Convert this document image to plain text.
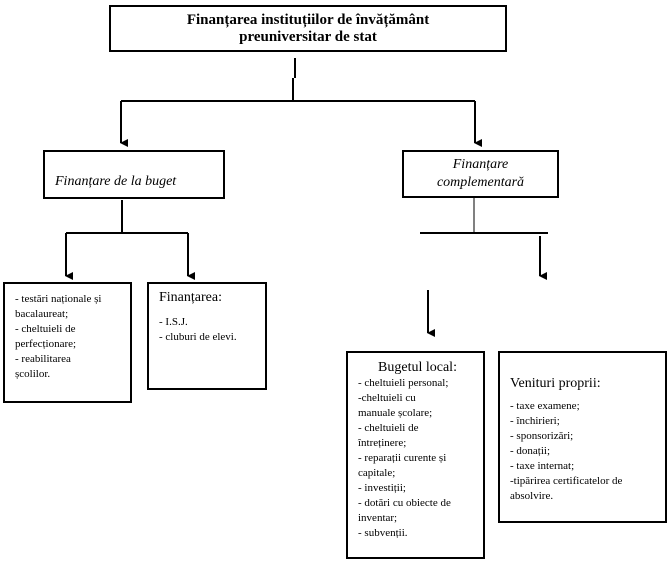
Finanțarea instituțiilor de învățământ
preuniversitar de stat
Finanțare de la buget
Finanțare
complementară
- testări naționale și
bacalaureat;
- cheltuieli de
perfecționare;
- reabilitarea
școlilor.
Finanțarea:
- I.S.J.
- cluburi de elevi.
Bugetul local:
- cheltuieli personal;
-cheltuieli cu
manuale școlare;
- cheltuieli de
întreținere;
- reparații curente și
capitale;
- investiții;
- dotări cu obiecte de
inventar;
- subvenții.
Venituri proprii:
- taxe examene;
- închirieri;
- sponsorizări;
- donații;
- taxe internat;
-tipărirea certificatelor de
absolvire.
